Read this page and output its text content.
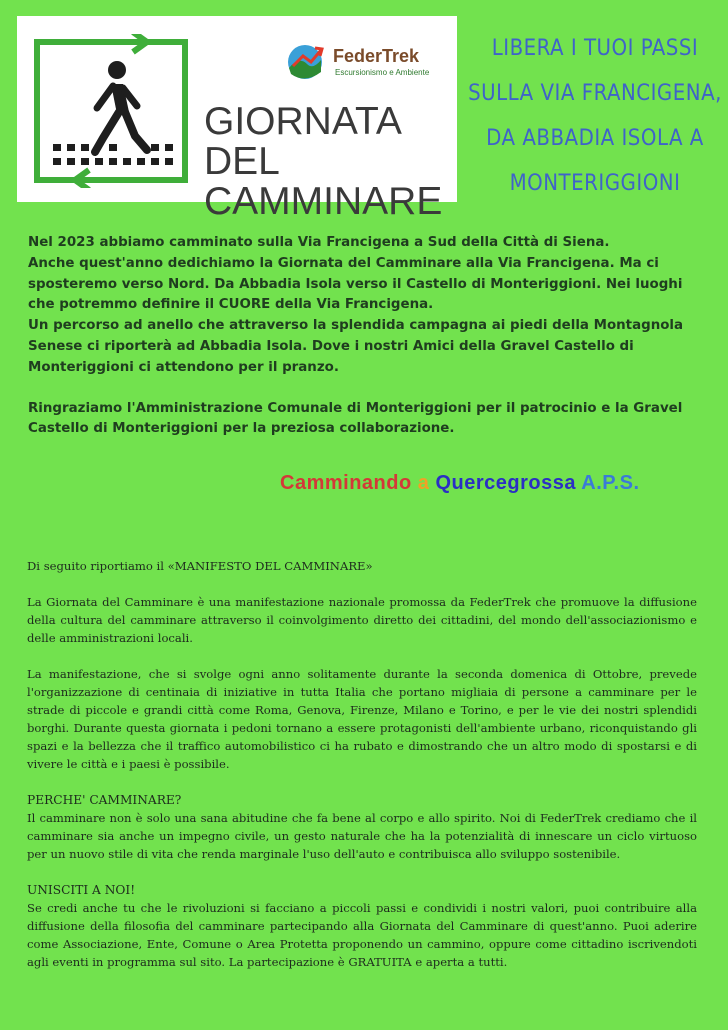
FederTrek
Escursionismo e Ambiente
GIORNATA DEL
CAMMINARE
LIBERA I TUOI PASSI
SULLA VIA FRANCIGENA,
DA ABBADIA ISOLA A
MONTERIGGIONI

Nel 2023 abbiamo camminato sulla Via Francigena a Sud della Città di Siena.

Anche quest'anno dedichiamo la Giornata del Camminare alla Via Francigena. Ma ci sposteremo verso Nord. Da Abbadia Isola verso il Castello di Monteriggioni. Nei luoghi che potremmo definire il CUORE della Via Francigena.

Un percorso ad anello che attraverso la splendida campagna ai piedi della Montagnola Senese ci riporterà ad Abbadia Isola. Dove i nostri Amici della Gravel Castello di Monteriggioni ci attendono per il pranzo.

Ringraziamo l'Amministrazione Comunale di Monteriggioni per il patrocinio e la Gravel Castello di Monteriggioni per la preziosa collaborazione.

Camminando a Quercegrossa A.P.S.

Di seguito riportiamo il «MANIFESTO DEL CAMMINARE»

La Giornata del Camminare è una manifestazione nazionale promossa da FederTrek che promuove la diffusione della cultura del camminare attraverso il coinvolgimento diretto dei cittadini, del mondo dell'associazionismo e delle amministrazioni locali.

La manifestazione, che si svolge ogni anno solitamente durante la seconda domenica di Ottobre, prevede l'organizzazione di centinaia di iniziative in tutta Italia che portano migliaia di persone a camminare per le strade di piccole e grandi città come Roma, Genova, Firenze, Milano e Torino, e per le vie dei nostri splendidi borghi. Durante questa giornata i pedoni tornano a essere protagonisti dell'ambiente urbano, riconquistando gli spazi e la bellezza che il traffico automobilistico ci ha rubato e dimostrando che un altro modo di spostarsi e di vivere le città e i paesi è possibile.

PERCHE' CAMMINARE?

Il camminare non è solo una sana abitudine che fa bene al corpo e allo spirito. Noi di FederTrek crediamo che il camminare sia anche un impegno civile, un gesto naturale che ha la potenzialità di innescare un ciclo virtuoso per un nuovo stile di vita che renda marginale l'uso dell'auto e contribuisca allo sviluppo sostenibile.

UNISCITI A NOI!

Se credi anche tu che le rivoluzioni si facciano a piccoli passi e condividi i nostri valori, puoi contribuire alla diffusione della filosofia del camminare partecipando alla Giornata del Camminare di quest'anno. Puoi aderire come Associazione, Ente, Comune o Area Protetta proponendo un cammino, oppure come cittadino iscrivendoti agli eventi in programma sul sito. La partecipazione è GRATUITA e aperta a tutti.
